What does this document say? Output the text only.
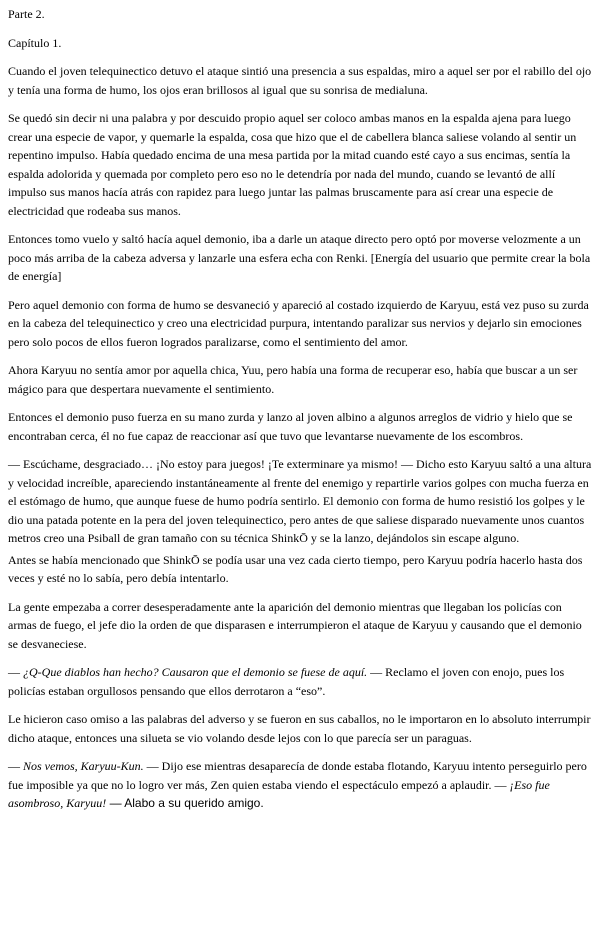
Parte 2.

Capítulo 1.

Cuando el joven telequinectico detuvo el ataque sintió una presencia a sus espaldas, miro a aquel ser por el rabillo del ojo y tenía una forma de humo, los ojos eran brillosos al igual que su sonrisa de medialuna.

Se quedó sin decir ni una palabra y por descuido propio aquel ser coloco ambas manos en la espalda ajena para luego crear una especie de vapor, y quemarle la espalda, cosa que hizo que el de cabellera blanca saliese volando al sentir un repentino impulso. Había quedado encima de una mesa partida por la mitad cuando esté cayo a sus encimas, sentía la espalda adolorida y quemada por completo pero eso no le detendría por nada del mundo, cuando se levantó de allí impulso sus manos hacía atrás con rapidez para luego juntar las palmas bruscamente para así crear una especie de electricidad que rodeaba sus manos.

Entonces tomo vuelo y saltó hacía aquel demonio, iba a darle un ataque directo pero optó por moverse velozmente a un poco más arriba de la cabeza adversa y lanzarle una esfera echa con Renki. [Energía del usuario que permite crear la bola de energía]

Pero aquel demonio con forma de humo se desvaneció y apareció al costado izquierdo de Karyuu, está vez puso su zurda en la cabeza del telequinectico y creo una electricidad purpura, intentando paralizar sus nervios y dejarlo sin emociones pero solo pocos de ellos fueron logrados paralizarse, como el sentimiento del amor.

Ahora Karyuu no sentía amor por aquella chica, Yuu, pero había una forma de recuperar eso, había que buscar a un ser mágico para que despertara nuevamente el sentimiento.

Entonces el demonio puso fuerza en su mano zurda y lanzo al joven albino a algunos arreglos de vidrio y hielo que se encontraban cerca, él no fue capaz de reaccionar así que tuvo que levantarse nuevamente de los escombros.

— Escúchame, desgraciado… ¡No estoy para juegos! ¡Te exterminare ya mismo! — Dicho esto Karyuu saltó a una altura y velocidad increíble, apareciendo instantáneamente al frente del enemigo y repartirle varios golpes con mucha fuerza en el estómago de humo, que aunque fuese de humo podría sentirlo. El demonio con forma de humo resistió los golpes y le dio una patada potente en la pera del joven telequinectico, pero antes de que saliese disparado nuevamente unos cuantos metros creo una Psiball de gran tamaño con su técnica ShinkŌ y se la lanzo, dejándolos sin escape alguno.

Antes se había mencionado que ShinkŌ se podía usar una vez cada cierto tiempo, pero Karyuu podría hacerlo hasta dos veces y esté no lo sabía, pero debía intentarlo.

La gente empezaba a correr desesperadamente ante la aparición del demonio mientras que llegaban los policías con armas de fuego, el jefe dio la orden de que disparasen e interrumpieron el ataque de Karyuu y causando que el demonio se desvaneciese.

— ¿Q-Que diablos han hecho? Causaron que el demonio se fuese de aquí. — Reclamo el joven con enojo, pues los policías estaban orgullosos pensando que ellos derrotaron a “eso”.

Le hicieron caso omiso a las palabras del adverso y se fueron en sus caballos, no le importaron en lo absoluto interrumpir dicho ataque, entonces una silueta se vio volando desde lejos con lo que parecía ser un paraguas.

— Nos vemos, Karyuu-Kun. — Dijo ese mientras desaparecía de donde estaba flotando, Karyuu intento perseguirlo pero fue imposible ya que no lo logro ver más, Zen quien estaba viendo el espectáculo empezó a aplaudir. — ¡Eso fue asombroso, Karyuu! — Alabo a su querido amigo.
